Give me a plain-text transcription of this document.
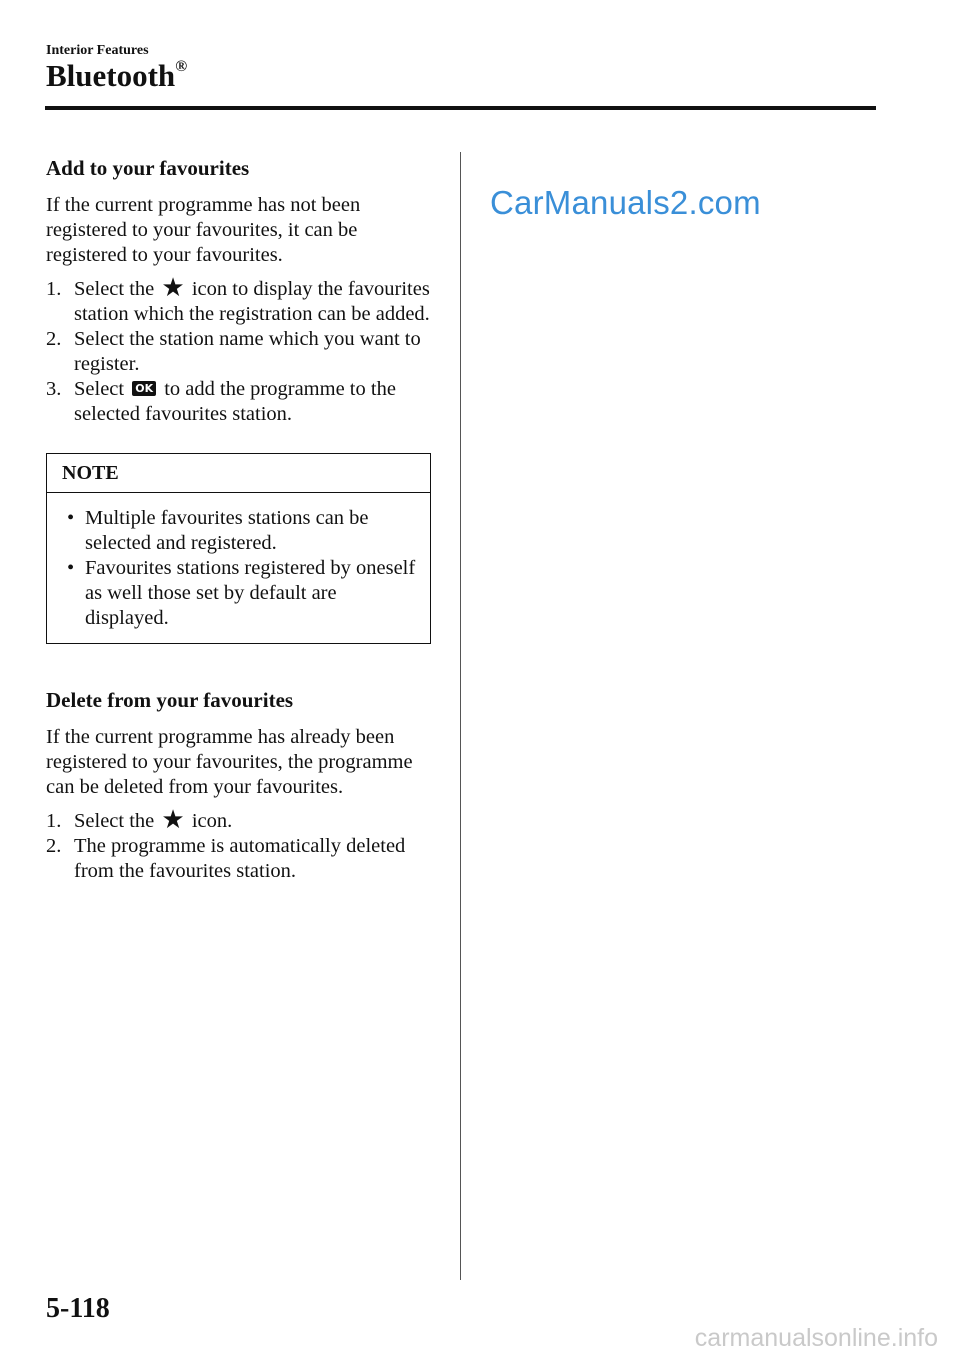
Interior Features
Bluetooth®
Add to your favourites
If the current programme has not been registered to your favourites, it can be registered to your favourites.
1. Select the ★ icon to display the favourites station which the registration can be added.
2. Select the station name which you want to register.
3. Select OK to add the programme to the selected favourites station.
NOTE
• Multiple favourites stations can be selected and registered.
• Favourites stations registered by oneself as well those set by default are displayed.
Delete from your favourites
If the current programme has already been registered to your favourites, the programme can be deleted from your favourites.
1. Select the ★ icon.
2. The programme is automatically deleted from the favourites station.
CarManuals2.com
5-118
carmanualsonline.info
